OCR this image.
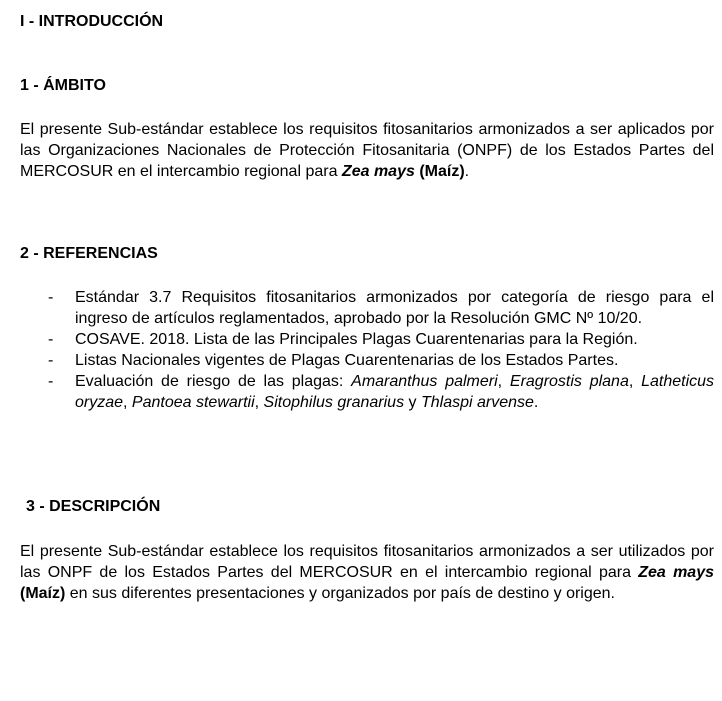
I - INTRODUCCIÓN
1 - ÁMBITO

El presente Sub-estándar establece los requisitos fitosanitarios armonizados a ser aplicados por las Organizaciones Nacionales de Protección Fitosanitaria (ONPF) de los Estados Partes del MERCOSUR en el intercambio regional para Zea mays (Maíz).

2 - REFERENCIAS
- Estándar 3.7 Requisitos fitosanitarios armonizados por categoría de riesgo para el ingreso de artículos reglamentados, aprobado por la Resolución GMC Nº 10/20.
- COSAVE. 2018. Lista de las Principales Plagas Cuarentenarias para la Región.
- Listas Nacionales vigentes de Plagas Cuarentenarias de los Estados Partes.
- Evaluación de riesgo de las plagas: Amaranthus palmeri, Eragrostis plana, Latheticus oryzae, Pantoea stewartii, Sitophilus granarius y Thlaspi arvense.
3 - DESCRIPCIÓN

El presente Sub-estándar establece los requisitos fitosanitarios armonizados a ser utilizados por las ONPF de los Estados Partes del MERCOSUR en el intercambio regional para Zea mays (Maíz) en sus diferentes presentaciones y organizados por país de destino y origen.
